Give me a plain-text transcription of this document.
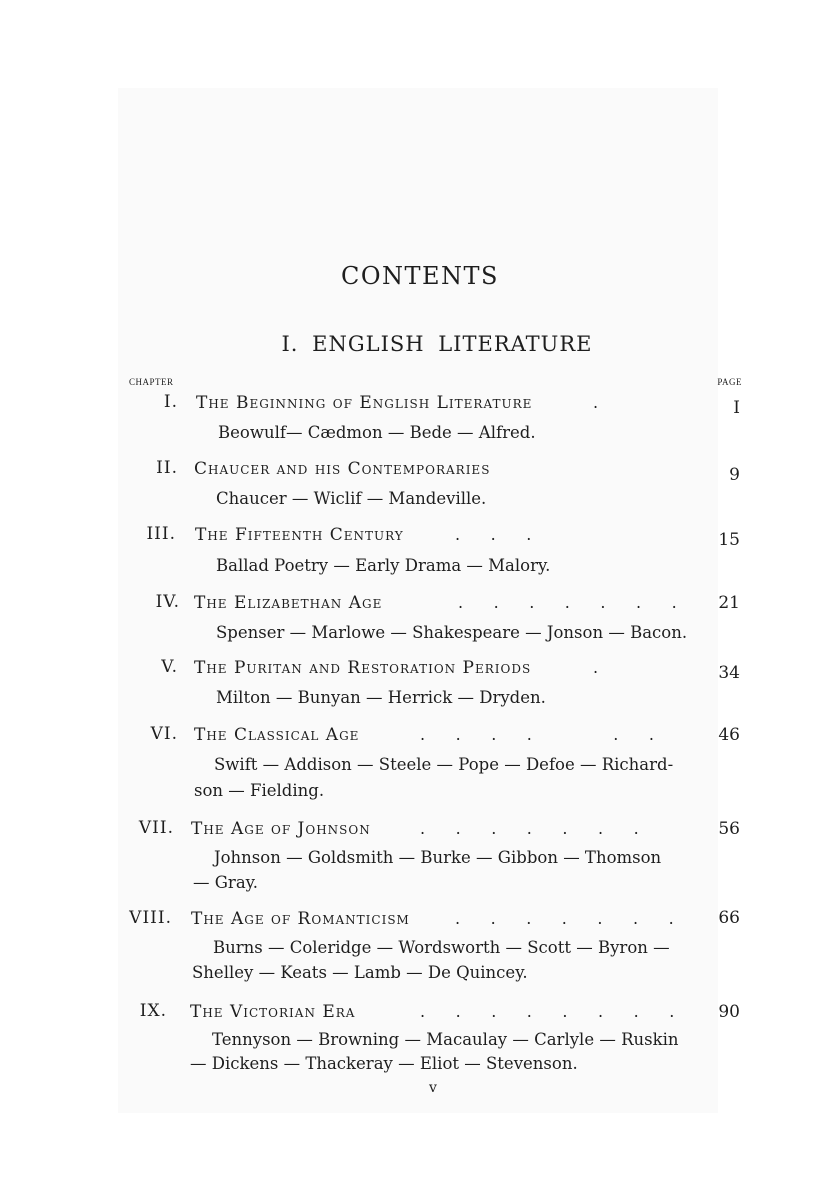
CONTENTS
I. ENGLISH LITERATURE
CHAPTER	PAGE
I. The Beginning of English Literature	.	I
Beowulf— Cædmon — Bede — Alfred.
II. Chaucer and his Contemporaries	9
Chaucer — Wiclif — Mandeville.
III. The Fifteenth Century	.      .      .	15
Ballad Poetry — Early Drama — Malory.
IV. The Elizabethan Age	.      .      .      .      .      .      .	21
Spenser — Marlowe — Shakespeare — Jonson — Bacon.
V. The Puritan and Restoration Periods	.	34
Milton — Bunyan — Herrick — Dryden.
VI. The Classical Age	.      .      .      .                .      .	46
Swift — Addison — Steele — Pope — Defoe — Richard-
son — Fielding.
VII. The Age of Johnson	.      .      .      .      .      .      .	56
Johnson — Goldsmith — Burke — Gibbon — Thomson
— Gray.
VIII. The Age of Romanticism	.      .      .      .      .      .      .	66
Burns — Coleridge — Wordsworth — Scott — Byron —
Shelley — Keats — Lamb — De Quincey.
IX. The Victorian Era	.      .      .      .      .      .      .      .	90
Tennyson — Browning — Macaulay — Carlyle — Ruskin
— Dickens — Thackeray — Eliot — Stevenson.
v
